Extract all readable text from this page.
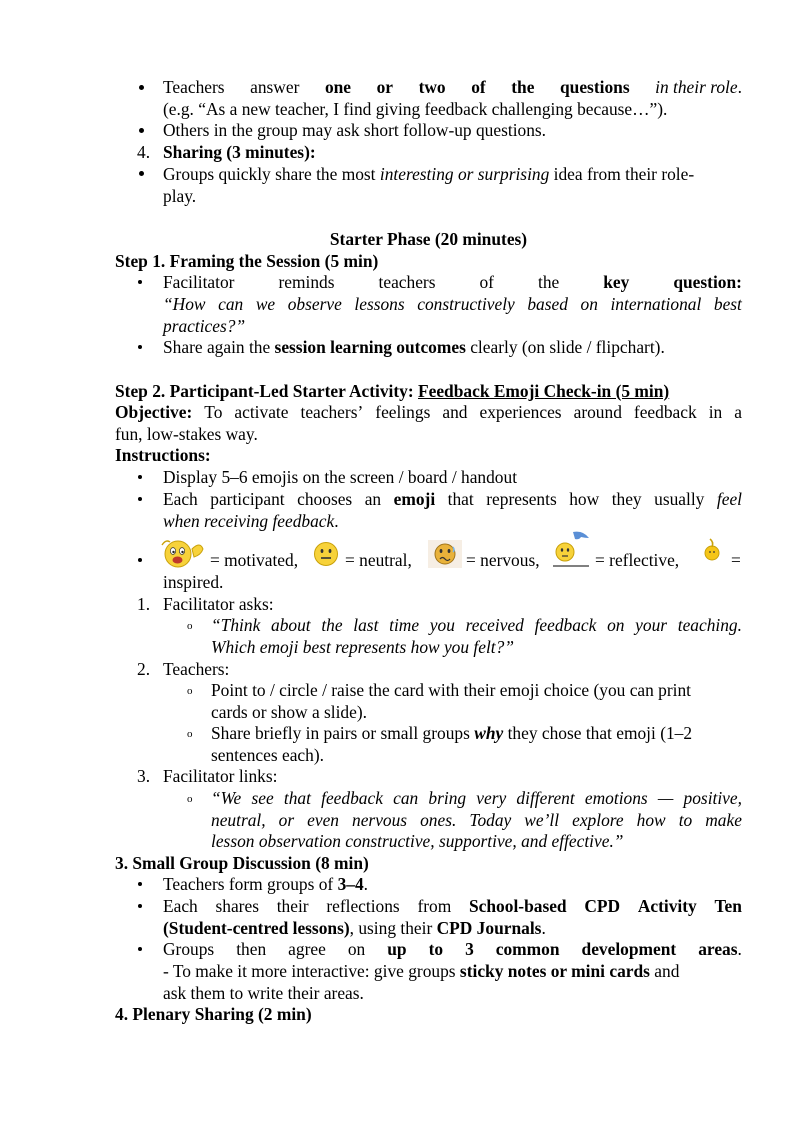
Teachers answer one or two of the questions in their role.
(e.g. “As a new teacher, I find giving feedback challenging because…”).
Others in the group may ask short follow-up questions.
4. Sharing (3 minutes):
Groups quickly share the most interesting or surprising idea from their role-
play.
Starter Phase (20 minutes)
Step 1. Framing the Session (5 min)
Facilitator	reminds	teachers	of	the	key	question:
“How can we observe lessons constructively based on international best
practices?”
Share again the session learning outcomes clearly (on slide / flipchart).
Step 2. Participant-Led Starter Activity: Feedback Emoji Check-in (5 min)
Objective: To activate teachers’ feelings and experiences around feedback in a
fun, low-stakes way.
Instructions:
Display 5–6 emojis on the screen / board / handout
Each participant chooses an emoji that represents how they usually feel
when receiving feedback.
= motivated,	= neutral,	= nervous,	= reflective,	=
inspired.
1. Facilitator asks:
o “Think about the last time you received feedback on your teaching.
Which emoji best represents how you felt?”
2. Teachers:
o Point to / circle / raise the card with their emoji choice (you can print
cards or show a slide).
o Share briefly in pairs or small groups why they chose that emoji (1–2
sentences each).
3. Facilitator links:
o “We see that feedback can bring very different emotions — positive,
neutral, or even nervous ones. Today we’ll explore how to make
lesson observation constructive, supportive, and effective.”
3. Small Group Discussion (8 min)
Teachers form groups of 3–4.
Each shares their reflections from School-based CPD Activity Ten
(Student-centred lessons), using their CPD Journals.
Groups then agree on up to 3 common development areas.
- To make it more interactive: give groups sticky notes or mini cards and
ask them to write their areas.
4. Plenary Sharing (2 min)
